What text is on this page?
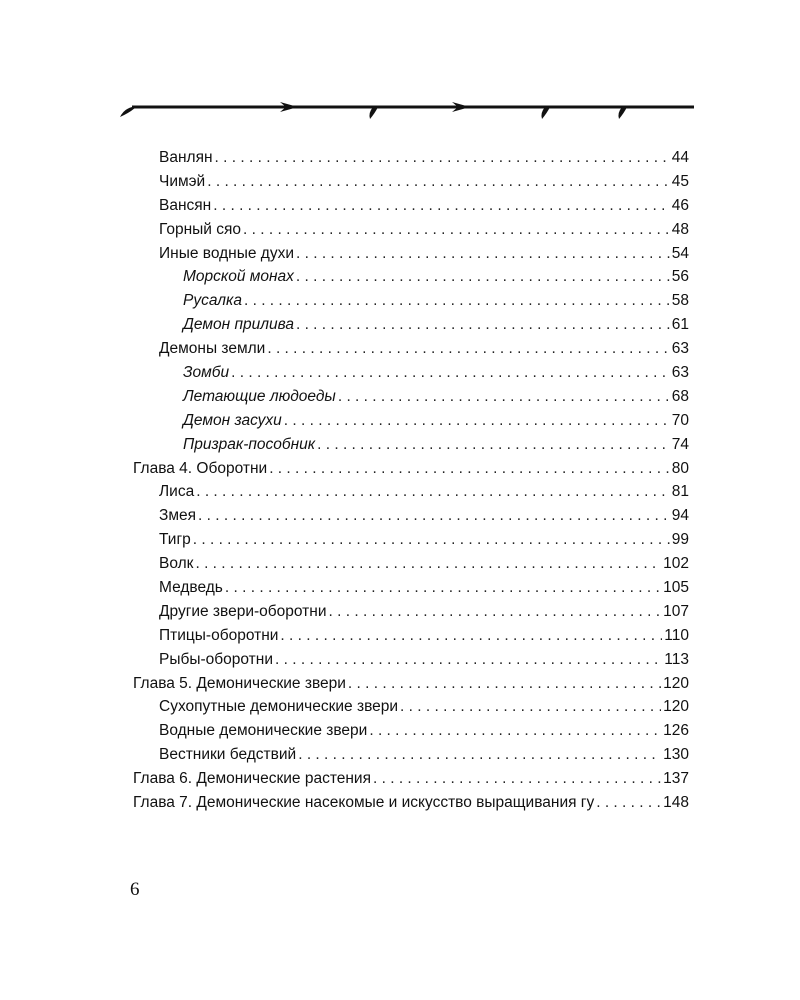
Ванлян . . .	44
Чимэй . . .	45
Вансян . . .	46
Горный сяо . . .	48
Иные водные духи . . .	54
Морской монах . . .	56
Русалка . . .	58
Демон прилива . . .	61
Демоны земли . . .	63
Зомби . . .	63
Летающие людоеды . . .	68
Демон засухи . . .	70
Призрак-пособник . . .	74
Глава 4. Оборотни . . .	80
Лиса . . .	81
Змея . . .	94
Тигр . . .	99
Волк . . .	102
Медведь . . .	105
Другие звери-оборотни . . .	107
Птицы-оборотни . . .	110
Рыбы-оборотни . . .	113
Глава 5. Демонические звери . . .	120
Сухопутные демонические звери . . .	120
Водные демонические звери . . .	126
Вестники бедствий . . .	130
Глава 6. Демонические растения . . .	137
Глава 7. Демонические насекомые и искусство выращивания гу . . .	148
6
